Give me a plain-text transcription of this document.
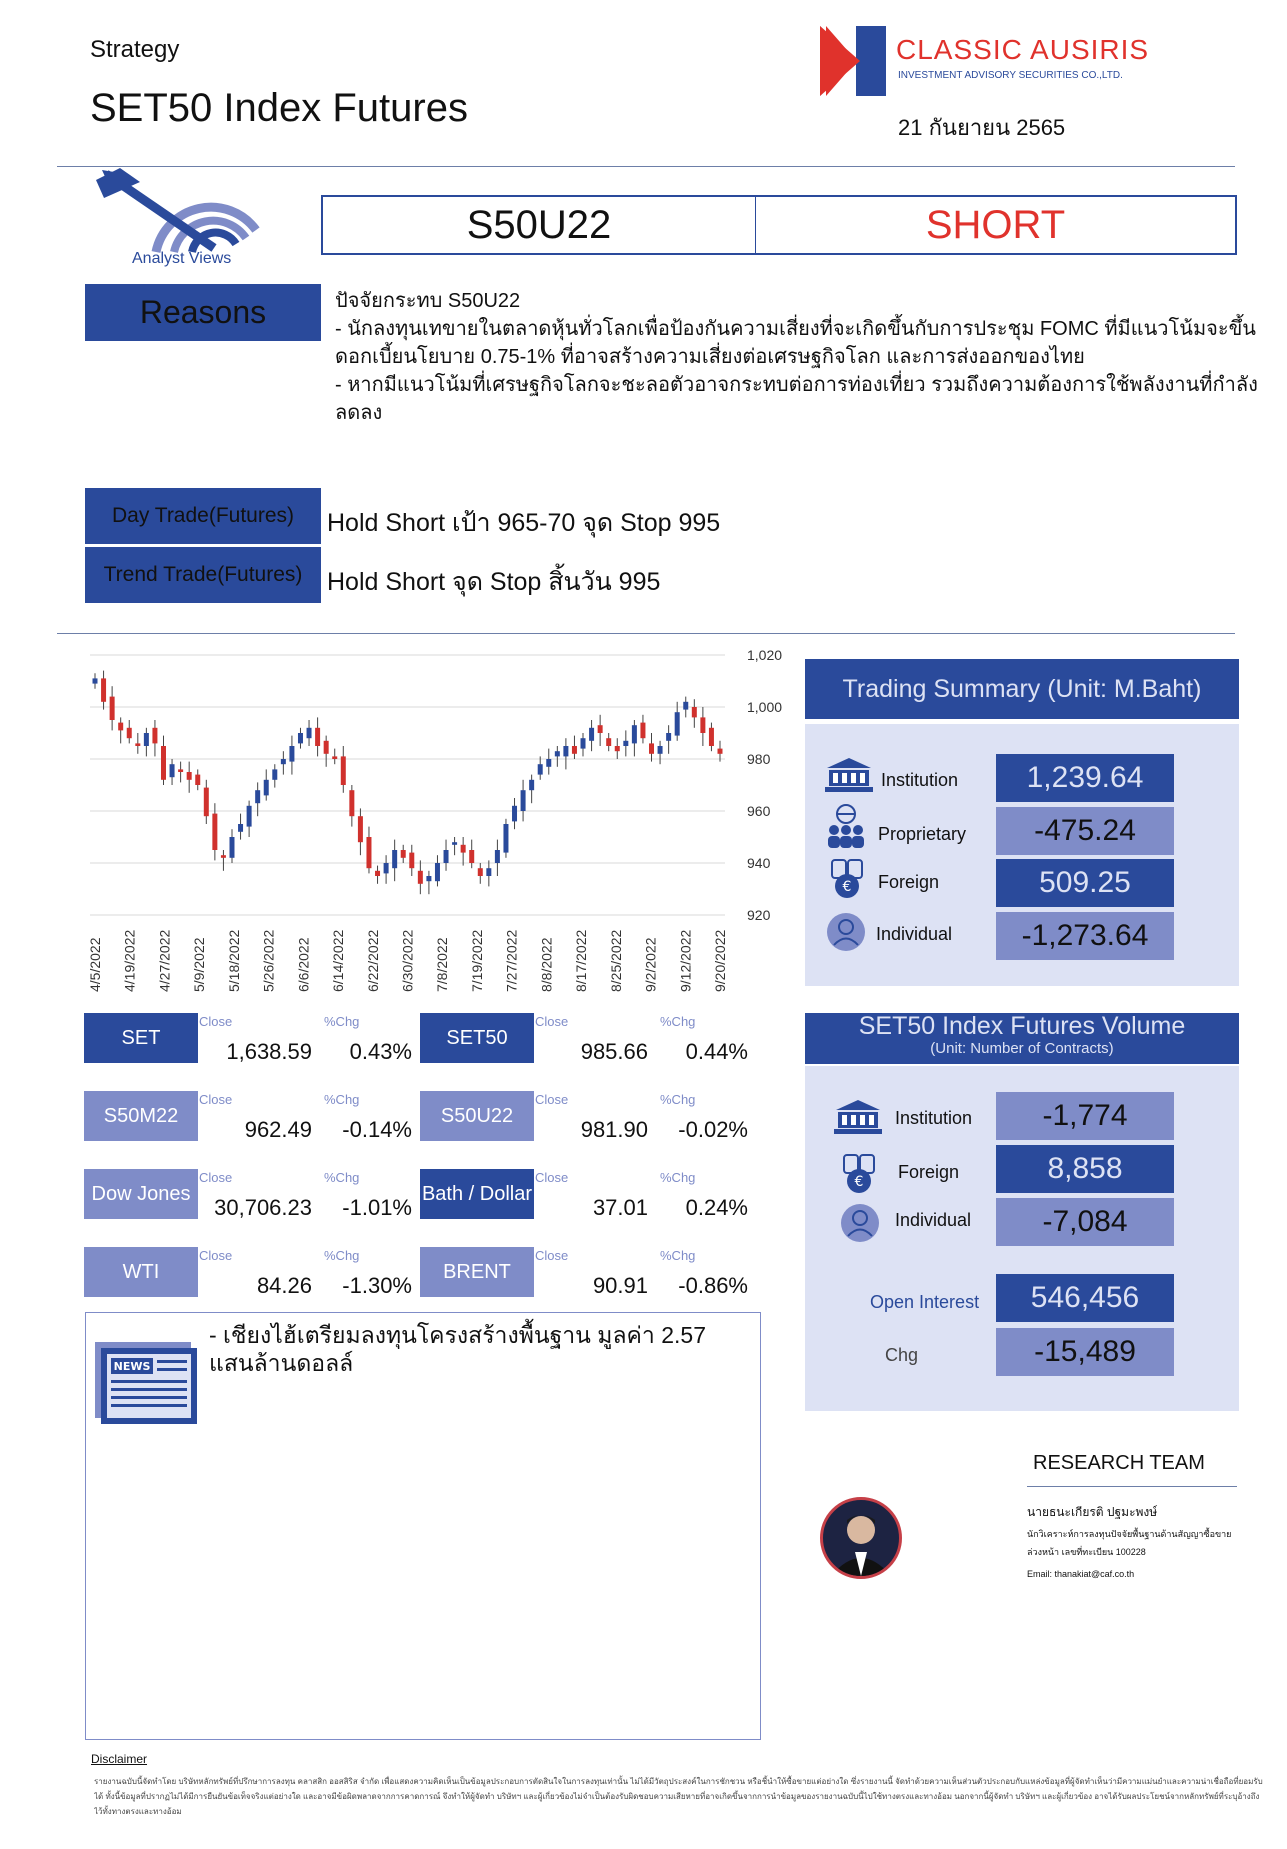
Strategy
SET50 Index Futures
CLASSIC AUSIRIS
INVESTMENT ADVISORY SECURITIES CO.,LTD.
21 กันยายน 2565
Analyst Views
S50U22	SHORT
Reasons	ปัจจัยกระทบ S50U22
- นักลงทุนเทขายในตลาดหุ้นทั่วโลกเพื่อป้องกันความเสี่ยงที่จะเกิดขึ้นกับการประชุม FOMC ที่มีแนวโน้มจะขึ้นดอกเบี้ยนโยบาย 0.75-1% ที่อาจสร้างความเสี่ยงต่อเศรษฐกิจโลก และการส่งออกของไทย
- หากมีแนวโน้มที่เศรษฐกิจโลกจะชะลอตัวอาจกระทบต่อการท่องเที่ยว รวมถึงความต้องการใช้พลังงานที่กำลังลดลง
Day Trade(Futures)	Hold Short เป้า 965-70 จุด Stop 995
Trend Trade(Futures) Hold Short จุด Stop สิ้นวัน 995
1,020
1,000
980
960
940
920
4/5/2022 4/19/2022 4/27/2022 5/9/2022 5/18/2022 5/26/2022 6/6/2022 6/14/2022 6/22/2022 6/30/2022 7/8/2022 7/19/2022 7/27/2022 8/8/2022 8/17/2022 8/25/2022 9/2/2022 9/12/2022 9/20/2022
Trading Summary (Unit: M.Baht)
Institution	1,239.64
Proprietary	-475.24
€ Foreign	509.25
Individual	-1,273.64
SET50 Index Futures Volume
(Unit: Number of Contracts)
Institution	-1,774
€ Foreign	8,858
Individual	-7,084
Open Interest	546,456
Chg	-15,489
SET
Close	%Chg
1,638.59	0.43%
SET50
Close	%Chg
985.66	0.44%
S50M22
Close	%Chg
962.49	-0.14%
S50U22
Close	%Chg
981.90	-0.02%
Dow Jones
Close	%Chg
30,706.23	-1.01%
Bath / Dollar
Close	%Chg
37.01	0.24%
WTI
Close	%Chg
84.26	-1.30%
BRENT
Close	%Chg
90.91	-0.86%
NEWS
- เชียงไฮ้เตรียมลงทุนโครงสร้างพื้นฐาน มูลค่า 2.57 แสนล้านดอลล์
RESEARCH TEAM
นายธนะเกียรติ ปฐมะพงษ์
นักวิเคราะห์การลงทุนปัจจัยพื้นฐานด้านสัญญาซื้อขายล่วงหน้า เลขที่ทะเบียน 100228
Email: thanakiat@caf.co.th
Disclaimer
รายงานฉบับนี้จัดทำโดย บริษัทหลักทรัพย์ที่ปรึกษาการลงทุน คลาสสิก ออสสิริส จำกัด เพื่อแสดงความคิดเห็นเป็นข้อมูลประกอบการตัดสินใจในการลงทุนเท่านั้น ไม่ได้มีวัตถุประสงค์ในการชักชวน หรือชี้นำให้ซื้อขายแต่อย่างใด ซึ่งรายงานนี้ จัดทำด้วยความเห็นส่วนตัวประกอบกับแหล่งข้อมูลที่ผู้จัดทำเห็นว่ามีความแม่นยำและความน่าเชื่อถือที่ยอมรับได้ ทั้งนี้ข้อมูลที่ปรากฏไม่ได้มีการยืนยันข้อเท็จจริงแต่อย่างใด และอาจมีข้อผิดพลาดจากการคาดการณ์ จึงทำให้ผู้จัดทำ บริษัทฯ และผู้เกี่ยวข้องไม่จำเป็นต้องรับผิดชอบความเสียหายที่อาจเกิดขึ้นจากการนำข้อมูลของรายงานฉบับนี้ไปใช้ทางตรงและทางอ้อม นอกจากนี้ผู้จัดทำ บริษัทฯ และผู้เกี่ยวข้อง อาจได้รับผลประโยชน์จากหลักทรัพย์ที่ระบุอ้างถึงไว้ทั้งทางตรงและทางอ้อม
